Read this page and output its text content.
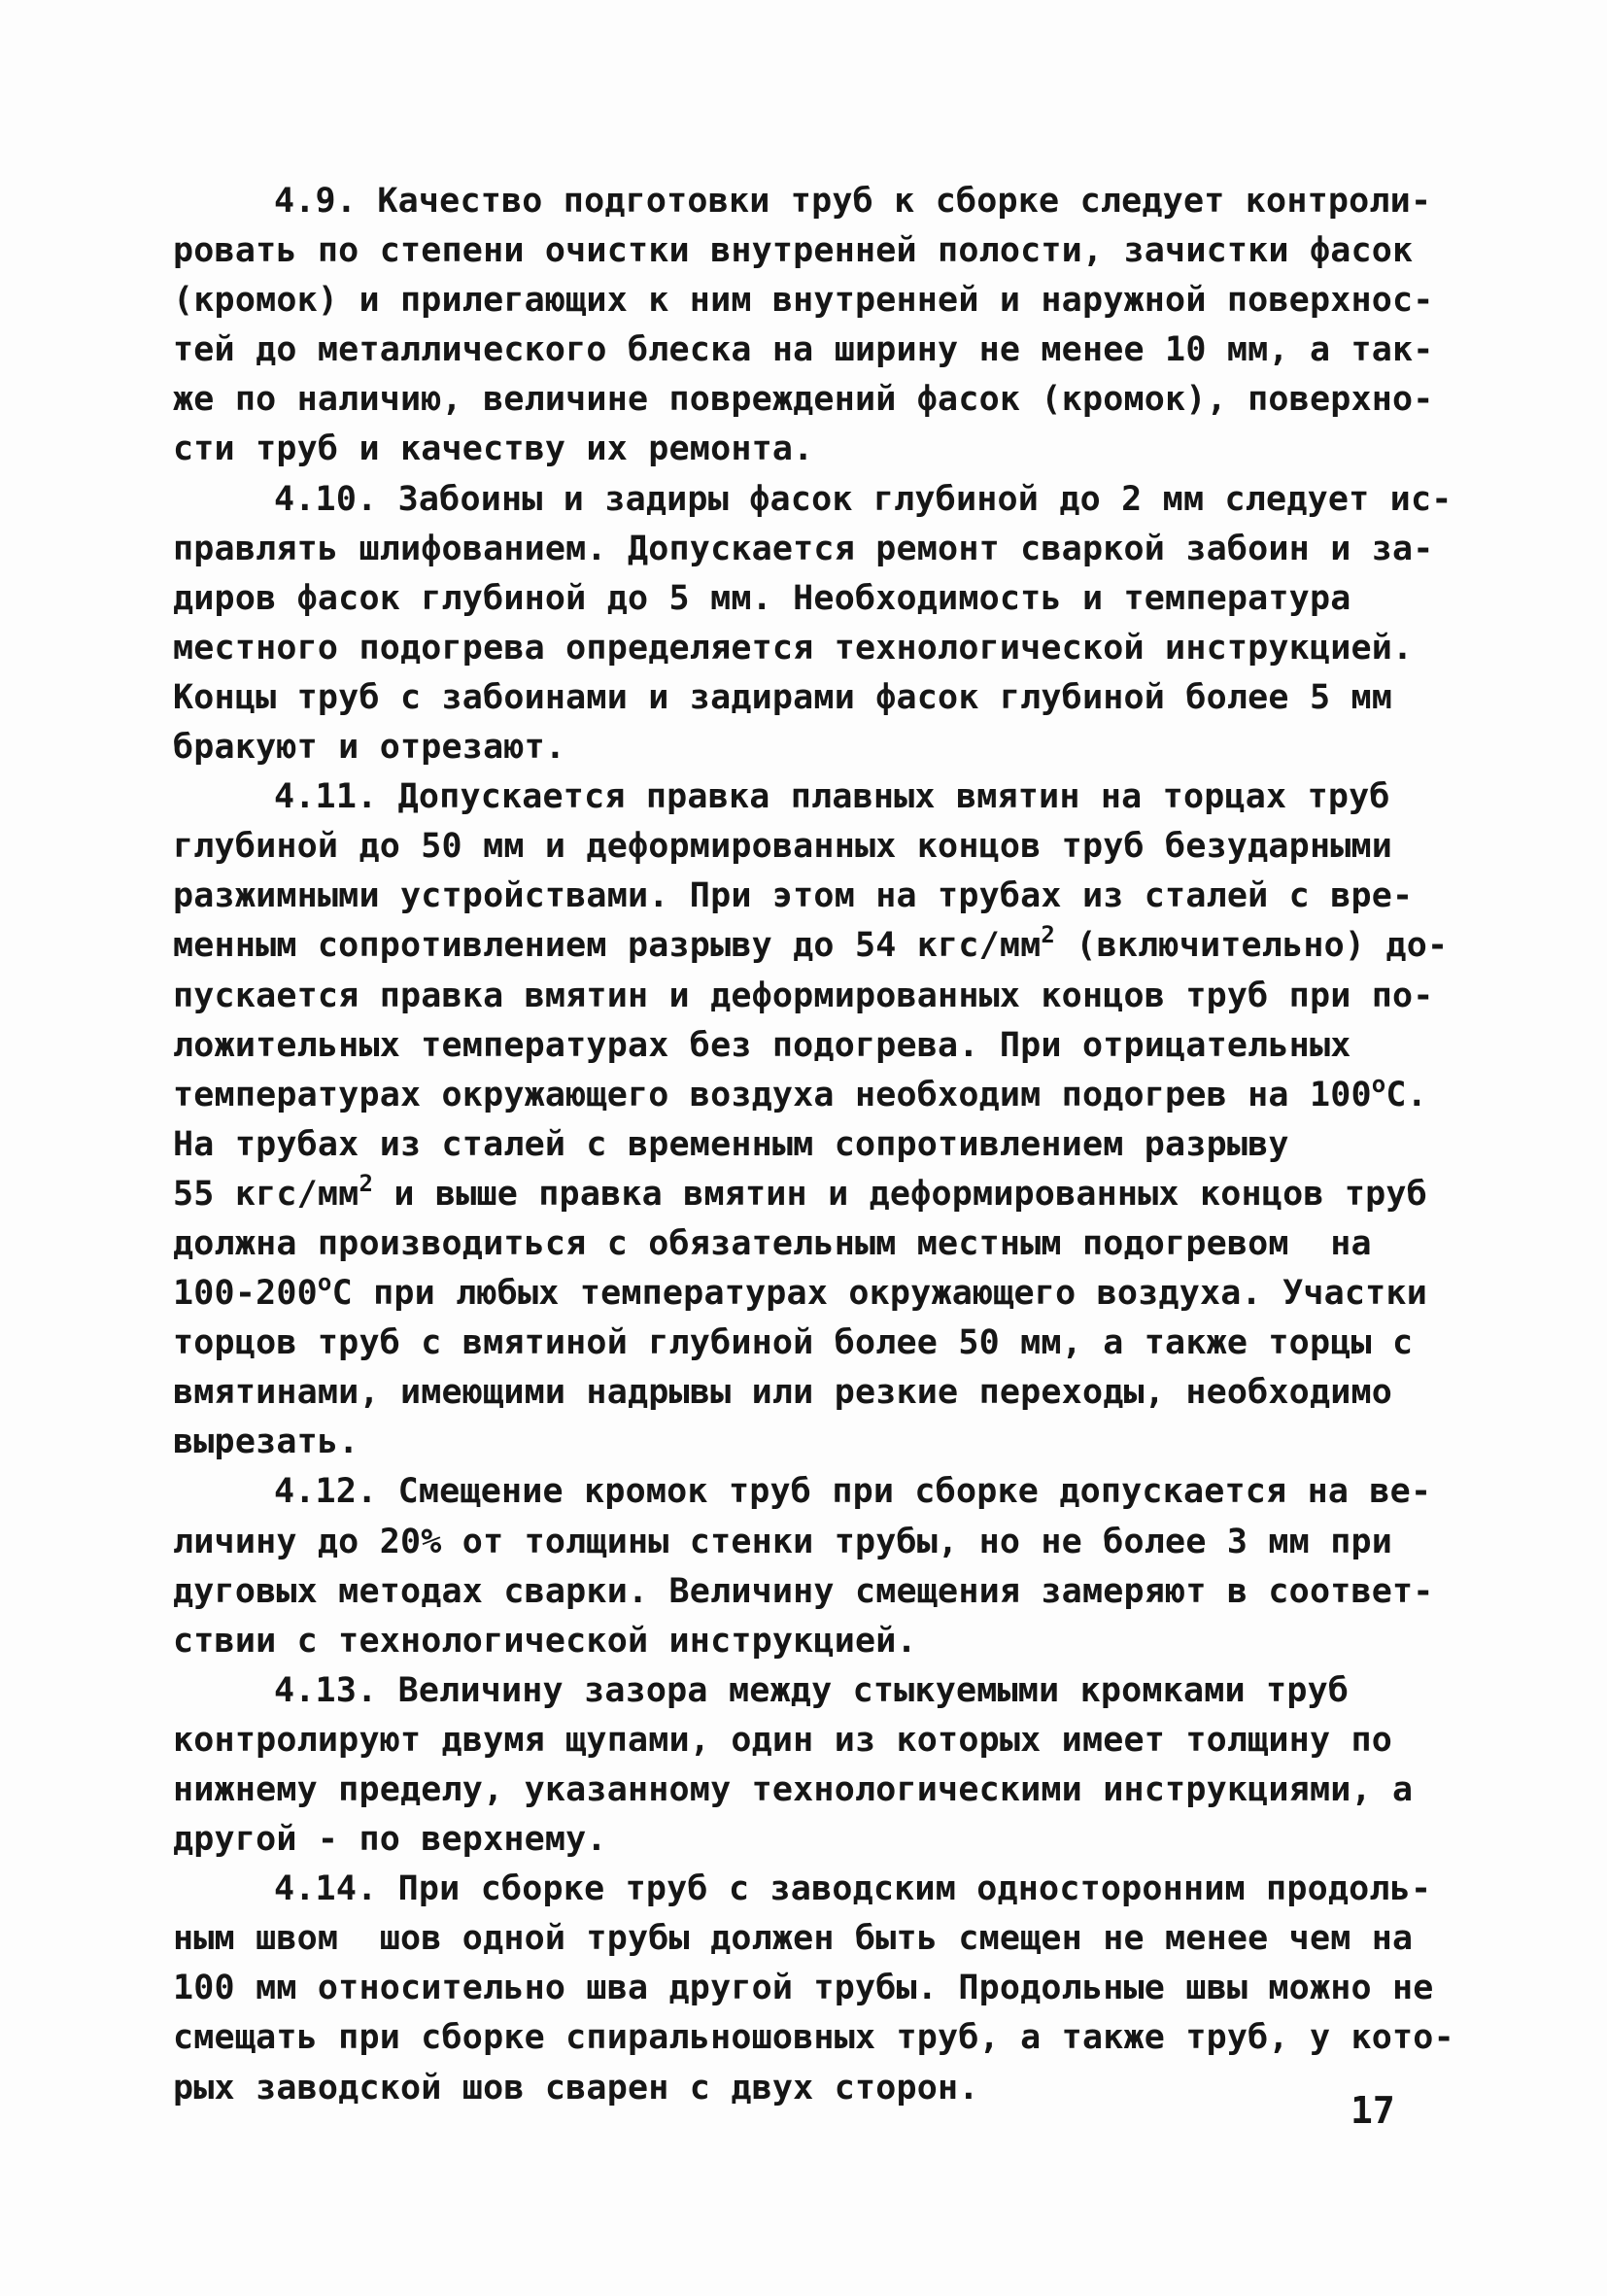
4.9. Качество подготовки труб к сборке следует контроли-
ровать по степени очистки внутренней полости, зачистки фасок
(кромок) и прилегающих к ним внутренней и наружной поверхнос-
тей до металлического блеска на ширину не менее 10 мм, а так-
же по наличию, величине повреждений фасок (кромок), поверхно-
сти труб и качеству их ремонта.
4.10. Забоины и задиры фасок глубиной до 2 мм следует ис-
правлять шлифованием. Допускается ремонт сваркой забоин и за-
диров фасок глубиной до 5 мм. Необходимость и температура
местного подогрева определяется технологической инструкцией.
Концы труб с забоинами и задирами фасок глубиной более 5 мм
бракуют и отрезают.
4.11. Допускается правка плавных вмятин на торцах труб
глубиной до 50 мм и деформированных концов труб безударными
разжимными устройствами. При этом на трубах из сталей с вре-
менным сопротивлением разрыву до 54 кгс/$мм^2$ (включительно) до-
пускается правка вмятин и деформированных концов труб при по-
ложительных температурах без подогрева. При отрицательных
температурах окружающего воздуха необходим подогрев на $100^оС$.
На трубах из сталей с временным сопротивлением разрыву
55 кгс/$мм^2$ и выше правка вмятин и деформированных концов труб
должна производиться с обязательным местным подогревом  на
$100-200^оС$ при любых температурах окружающего воздуха. Участки
торцов труб с вмятиной глубиной более 50 мм, а также торцы с
вмятинами, имеющими надрывы или резкие переходы, необходимо
вырезать.
4.12. Смещение кромок труб при сборке допускается на ве-
личину до 20% от толщины стенки трубы, но не более 3 мм при
дуговых методах сварки. Величину смещения замеряют в соответ-
ствии с технологической инструкцией.
4.13. Величину зазора между стыкуемыми кромками труб
контролируют двумя щупами, один из которых имеет толщину по
нижнему пределу, указанному технологическими инструкциями, а
другой - по верхнему.
4.14. При сборке труб с заводским односторонним продоль-
ным швом  шов одной трубы должен быть смещен не менее чем на
100 мм относительно шва другой трубы. Продольные швы можно не
смещать при сборке спиральношовных труб, а также труб, у кото-
рых заводской шов сварен с двух сторон.
17
